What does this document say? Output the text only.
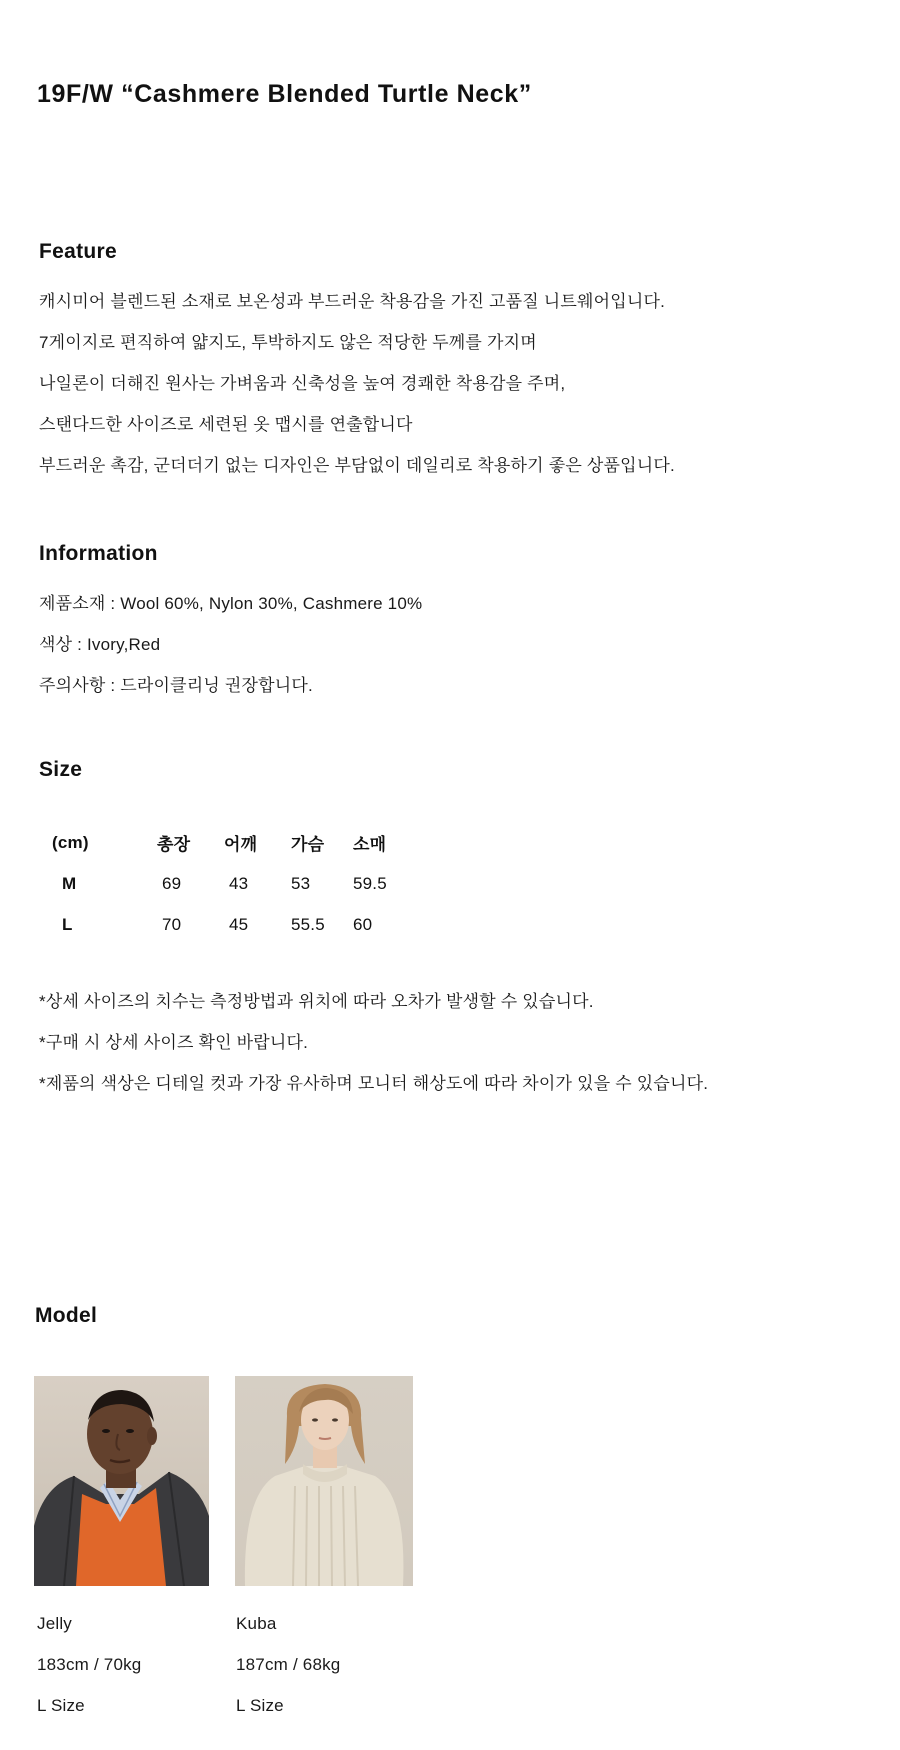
19F/W “Cashmere Blended Turtle Neck”
Feature
캐시미어 블렌드된 소재로 보온성과 부드러운 착용감을 가진 고품질 니트웨어입니다.
7게이지로 편직하여 얇지도, 투박하지도 않은 적당한 두께를 가지며
나일론이 더해진 원사는 가벼움과 신축성을 높여 경쾌한 착용감을 주며,
스탠다드한 사이즈로 세련된 옷 맵시를 연출합니다
부드러운 촉감, 군더더기 없는 디자인은 부담없이 데일리로 착용하기 좋은 상품입니다.
Information
제품소재 : Wool 60%, Nylon 30%, Cashmere 10%
색상 : Ivory,Red
주의사항 : 드라이클리닝 권장합니다.
Size
(cm)	총장	어깨	가슴	소매
M	69	43	53	59.5
L	70	45	55.5	60
*상세 사이즈의 치수는 측정방법과 위치에 따라 오차가 발생할 수 있습니다.
*구매 시 상세 사이즈 확인 바랍니다.
*제품의 색상은 디테일 컷과 가장 유사하며 모니터 해상도에 따라 차이가 있을 수 있습니다.
Model
Jelly
183cm / 70kg
L Size
Kuba
187cm / 68kg
L Size
